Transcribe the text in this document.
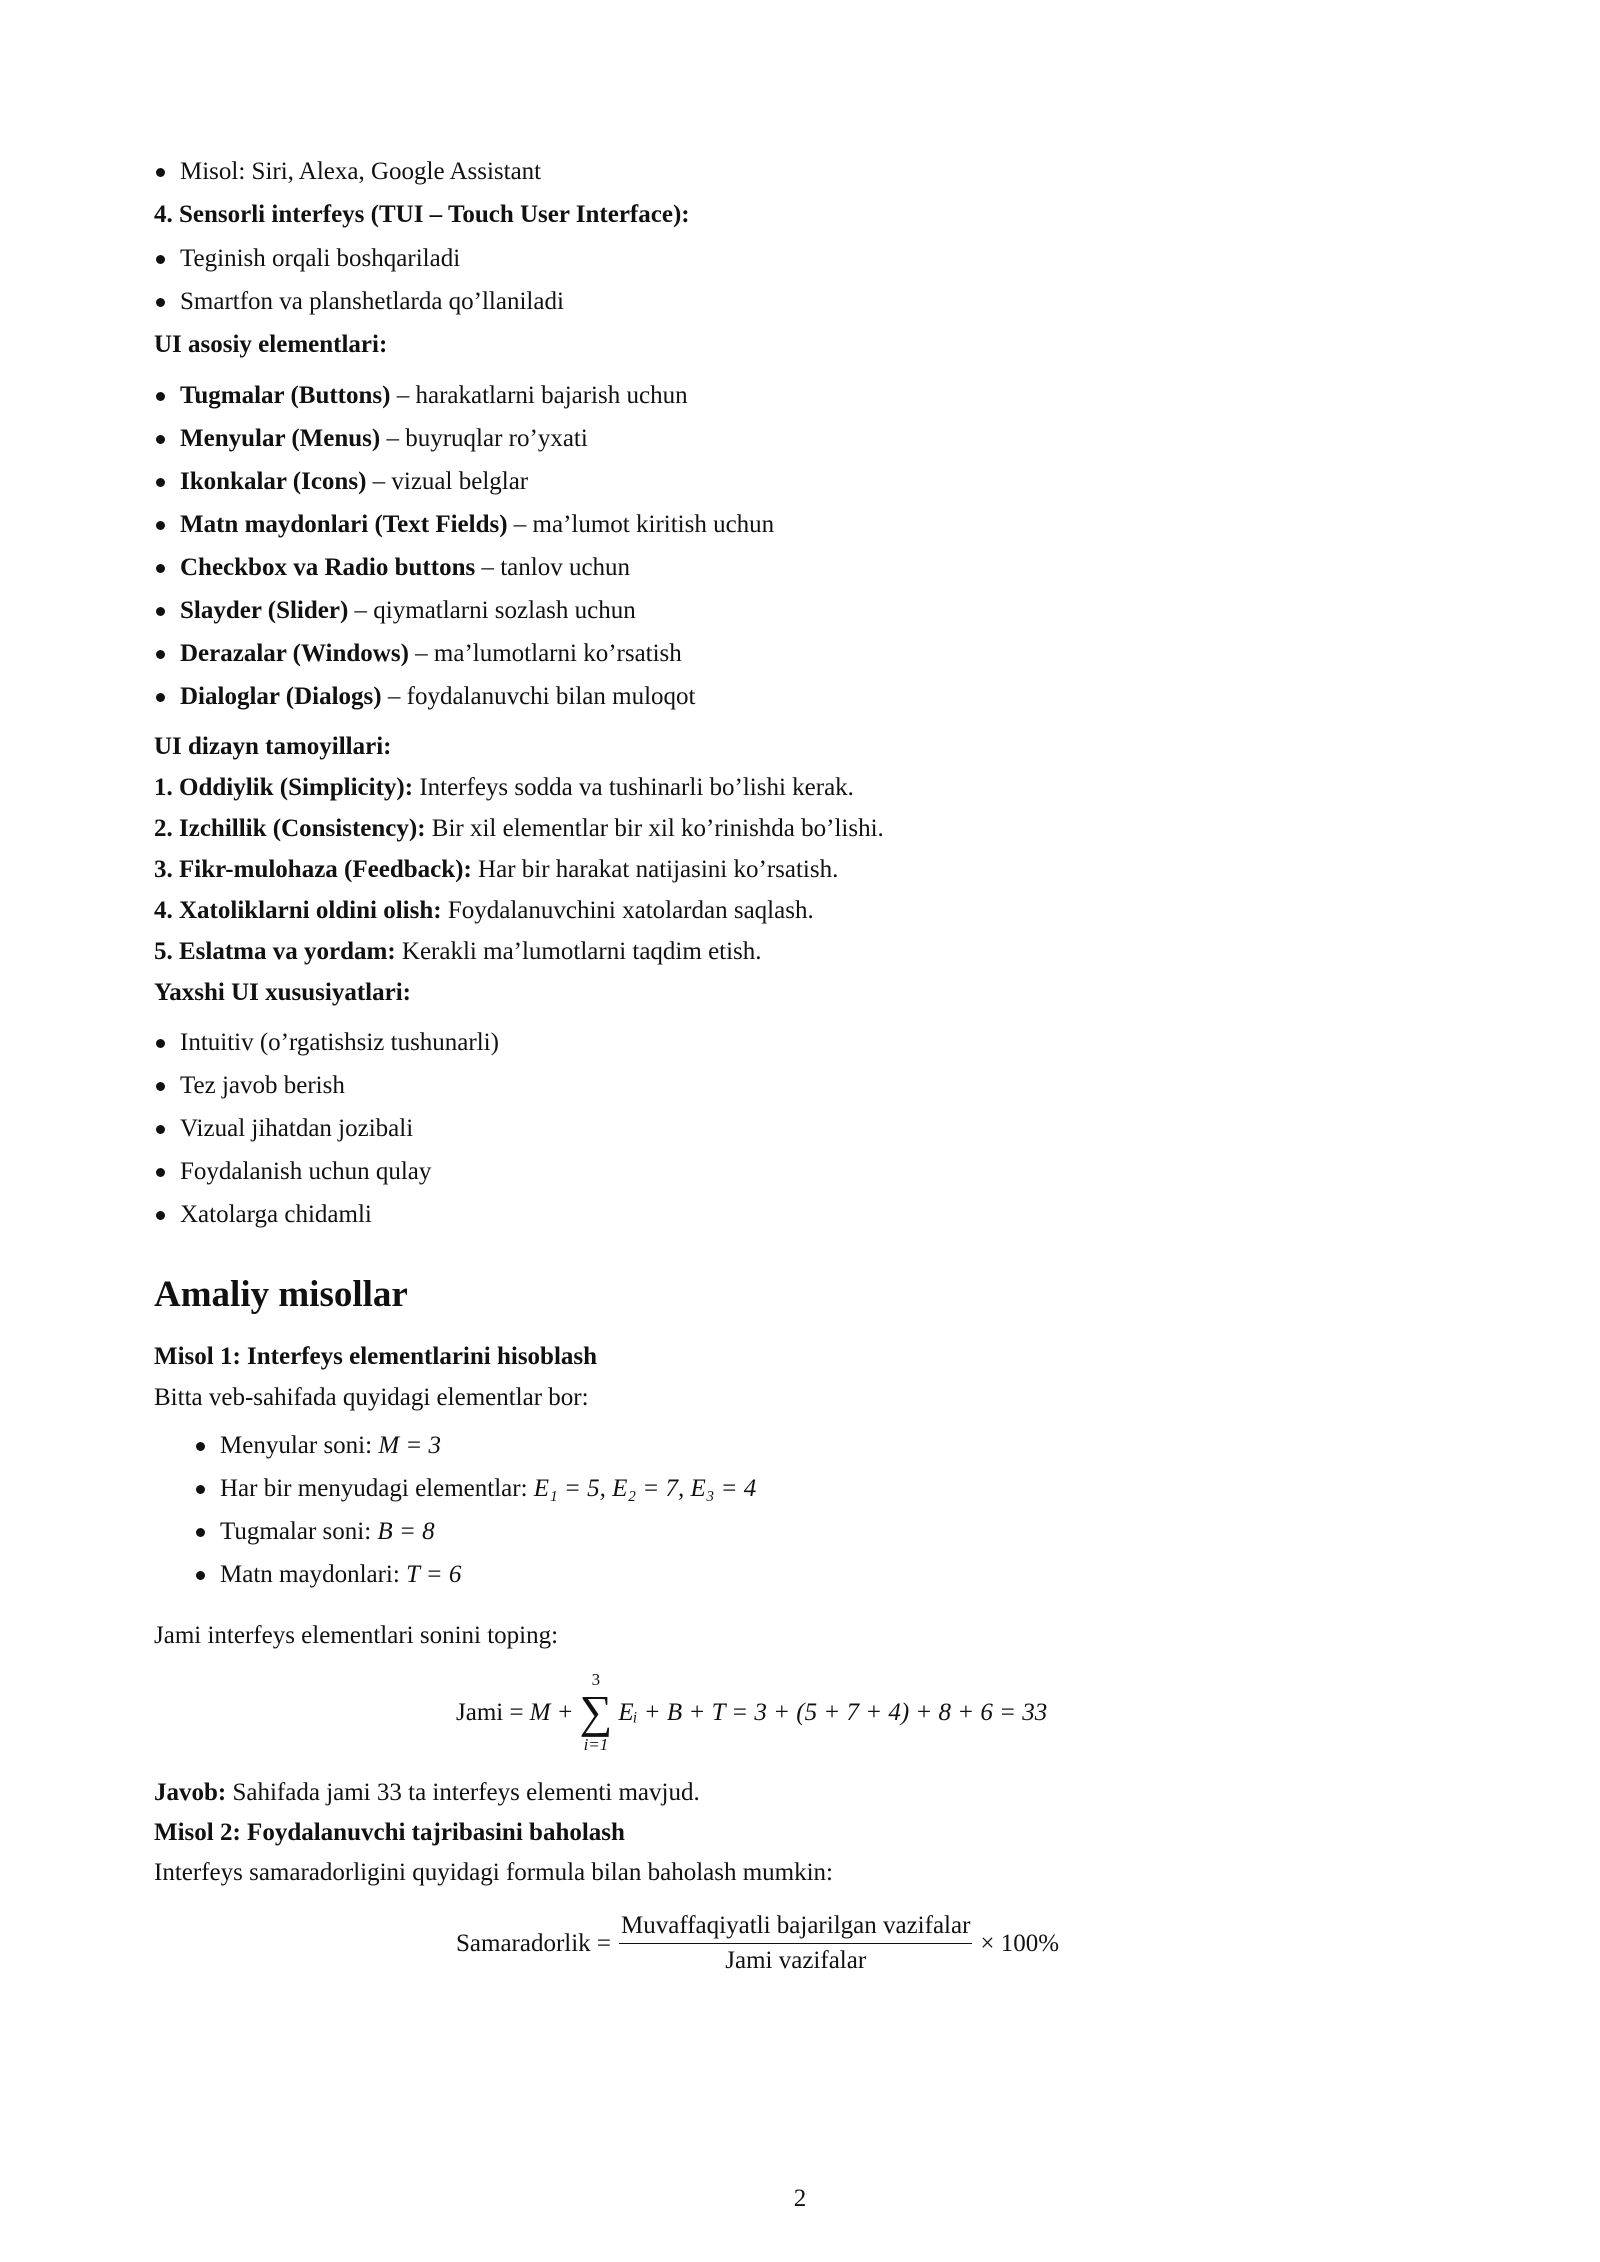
Misol: Siri, Alexa, Google Assistant

4. Sensorli interfeys (TUI – Touch User Interface):

Teginish orqali boshqariladi
Smartfon va planshetlarda qo’llaniladi

UI asosiy elementlari:

Tugmalar (Buttons) – harakatlarni bajarish uchun
Menyular (Menus) – buyruqlar ro’yxati
Ikonkalar (Icons) – vizual belglar
Matn maydonlari (Text Fields) – ma’lumot kiritish uchun
Checkbox va Radio buttons – tanlov uchun
Slayder (Slider) – qiymatlarni sozlash uchun
Derazalar (Windows) – ma’lumotlarni ko’rsatish
Dialoglar (Dialogs) – foydalanuvchi bilan muloqot

UI dizayn tamoyillari:

1. Oddiylik (Simplicity): Interfeys sodda va tushinarli bo’lishi kerak.

2. Izchillik (Consistency): Bir xil elementlar bir xil ko’rinishda bo’lishi.

3. Fikr-mulohaza (Feedback): Har bir harakat natijasini ko’rsatish.

4. Xatoliklarni oldini olish: Foydalanuvchini xatolardan saqlash.

5. Eslatma va yordam: Kerakli ma’lumotlarni taqdim etish.

Yaxshi UI xususiyatlari:

Intuitiv (o’rgatishsiz tushunarli)
Tez javob berish
Vizual jihatdan jozibali
Foydalanish uchun qulay
Xatolarga chidamli

Amaliy misollar

Misol 1: Interfeys elementlarini hisoblash

Bitta veb-sahifada quyidagi elementlar bor:

Menyular soni: M = 3
Har bir menyudagi elementlar: E₁ = 5, E₂ = 7, E₃ = 4
Tugmalar soni: B = 8
Matn maydonlari: T = 6

Jami interfeys elementlari sonini toping:

Jami = M +
3
∑
i=1
Eᵢ + B + T = 3 + (5 + 7 + 4) + 8 + 6 = 33

Javob: Sahifada jami 33 ta interfeys elementi mavjud.

Misol 2: Foydalanuvchi tajribasini baholash

Interfeys samaradorligini quyidagi formula bilan baholash mumkin:

Samaradorlik = $\frac{\text{Muvaffaqiyatli bajarilgan vazifalar}}{\text{Jami vazifalar}} \times 100\%$
2
